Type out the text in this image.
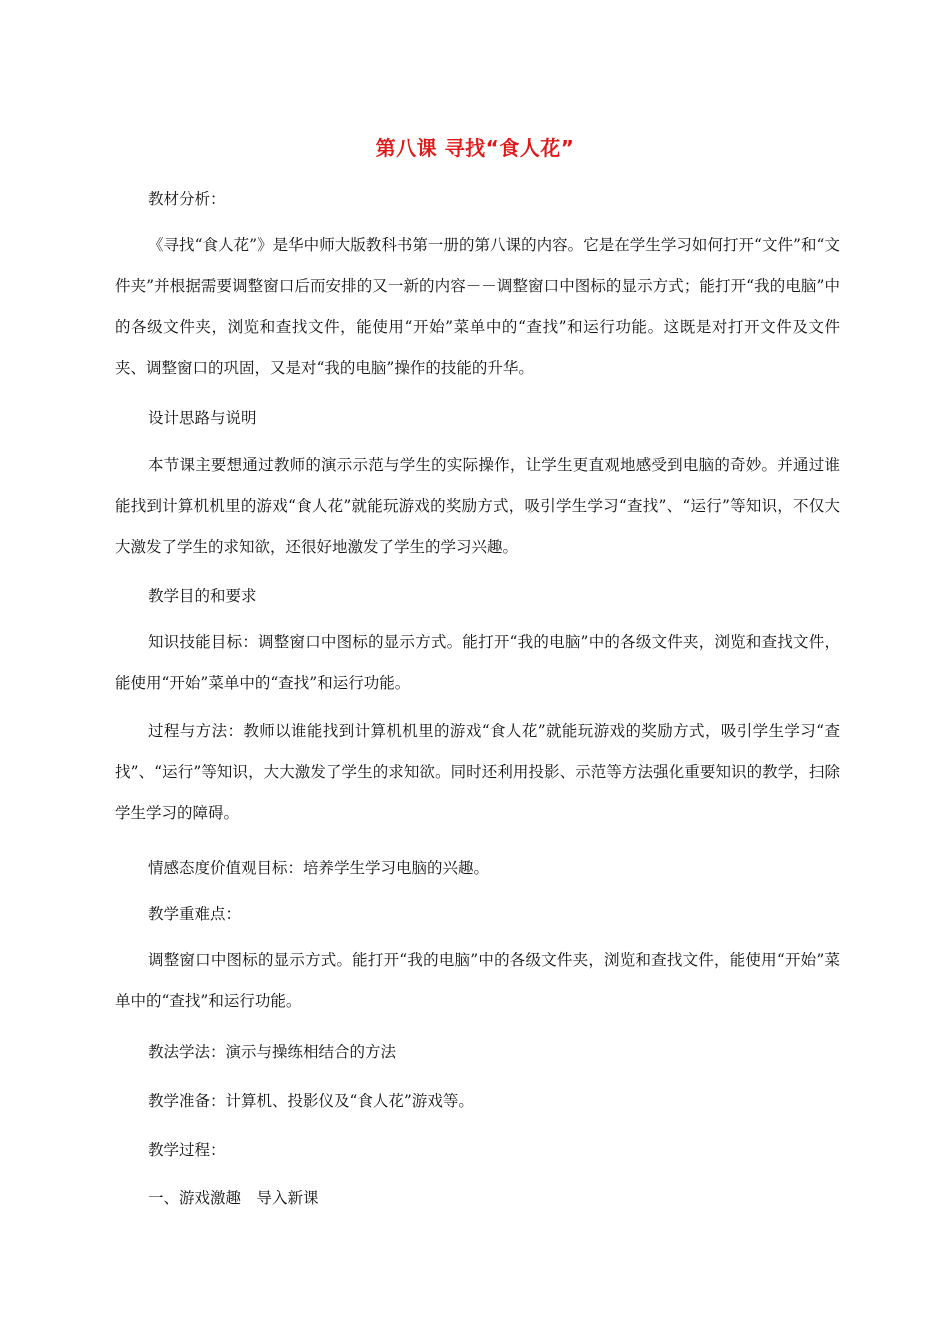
第八课 寻找“食人花”
教材分析：
《寻找“食人花”》是华中师大版教科书第一册的第八课的内容。它是在学生学习如何打开“文件”和“文件夹”并根据需要调整窗口后而安排的又一新的内容－－调整窗口中图标的显示方式；能打开“我的电脑”中的各级文件夹，浏览和查找文件，能使用“开始”菜单中的“查找”和运行功能。这既是对打开文件及文件夹、调整窗口的巩固，又是对“我的电脑”操作的技能的升华。
设计思路与说明
本节课主要想通过教师的演示示范与学生的实际操作，让学生更直观地感受到电脑的奇妙。并通过谁能找到计算机机里的游戏“食人花”就能玩游戏的奖励方式，吸引学生学习“查找”、“运行”等知识，不仅大大激发了学生的求知欲，还很好地激发了学生的学习兴趣。
教学目的和要求
知识技能目标：调整窗口中图标的显示方式。能打开“我的电脑”中的各级文件夹，浏览和查找文件，能使用“开始”菜单中的“查找”和运行功能。
过程与方法：教师以谁能找到计算机机里的游戏“食人花”就能玩游戏的奖励方式，吸引学生学习“查找”、“运行”等知识，大大激发了学生的求知欲。同时还利用投影、示范等方法强化重要知识的教学，扫除学生学习的障碍。
情感态度价值观目标：培养学生学习电脑的兴趣。
教学重难点：
调整窗口中图标的显示方式。能打开“我的电脑”中的各级文件夹，浏览和查找文件，能使用“开始”菜单中的“查找”和运行功能。
教法学法：演示与操练相结合的方法
教学准备：计算机、投影仪及“食人花”游戏等。
教学过程：
一、游戏激趣　导入新课
